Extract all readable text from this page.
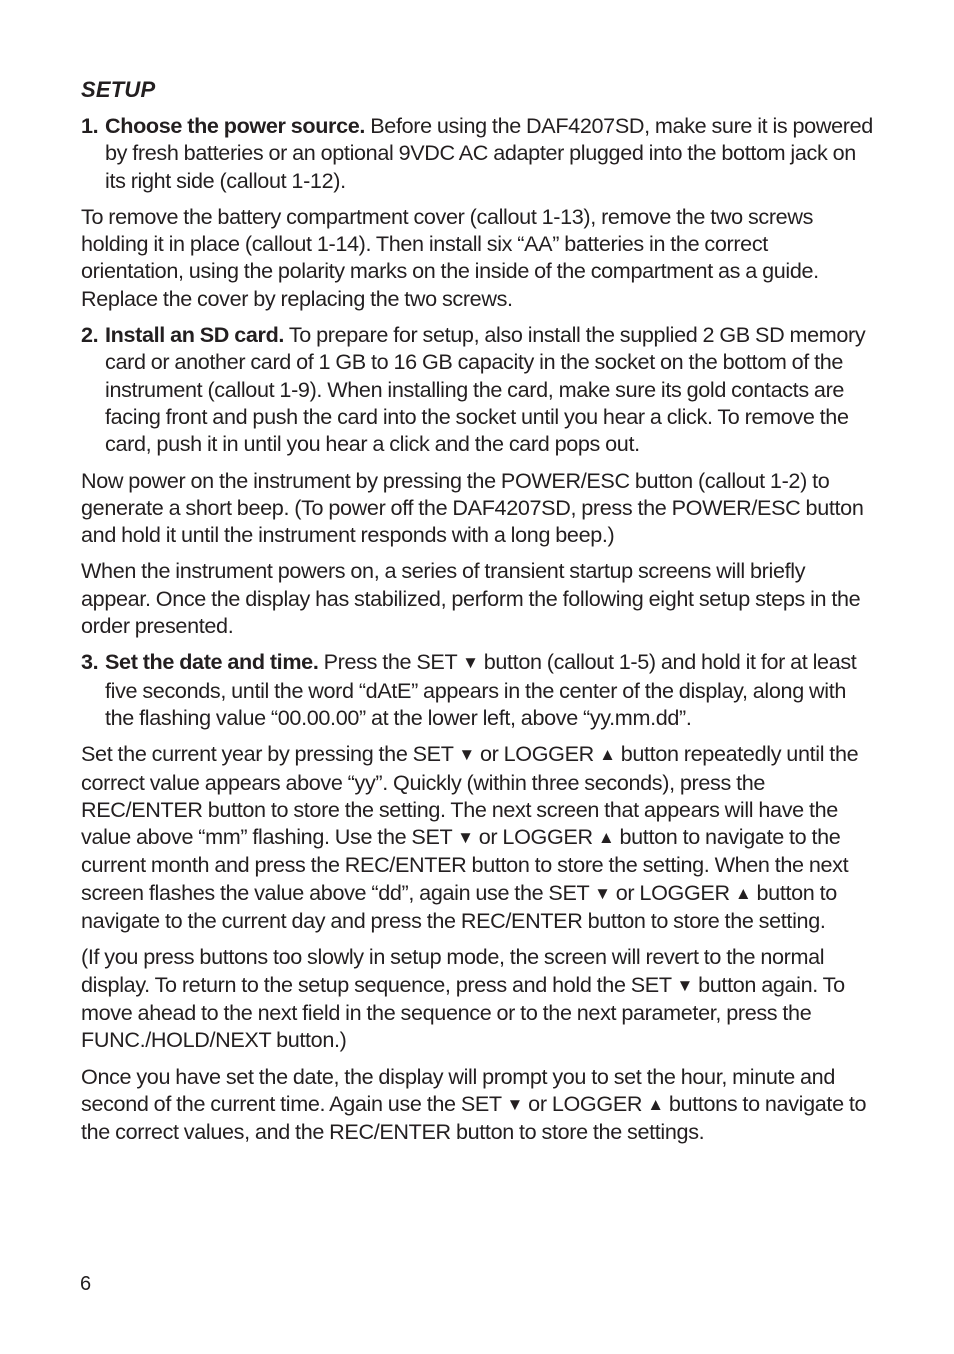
SETUP
1. Choose the power source. Before using the DAF4207SD, make sure it is powered by fresh batteries or an optional 9VDC AC adapter plugged into the bottom jack on its right side (callout 1-12).
To remove the battery compartment cover (callout 1-13), remove the two screws holding it in place (callout 1-14). Then install six “AA” batteries in the correct orientation, using the polarity marks on the inside of the compartment as a guide. Replace the cover by replacing the two screws.
2. Install an SD card. To prepare for setup, also install the supplied 2 GB SD memory card or another card of 1 GB to 16 GB capacity in the socket on the bottom of the instrument (callout 1-9). When installing the card, make sure its gold contacts are facing front and push the card into the socket until you hear a click. To remove the card, push it in until you hear a click and the card pops out.
Now power on the instrument by pressing the POWER/ESC button (callout 1-2) to generate a short beep. (To power off the DAF4207SD, press the POWER/ESC button and hold it until the instrument responds with a long beep.)
When the instrument powers on, a series of transient startup screens will briefly appear. Once the display has stabilized, perform the following eight setup steps in the order presented.
3. Set the date and time. Press the SET ▼ button (callout 1-5) and hold it for at least five seconds, until the word “dAtE” appears in the center of the display, along with the flashing value “00.00.00” at the lower left, above “yy.mm.dd”.
Set the current year by pressing the SET ▼ or LOGGER ▲ button repeatedly until the correct value appears above “yy”. Quickly (within three seconds), press the REC/ENTER button to store the setting. The next screen that appears will have the value above “mm” flashing. Use the SET ▼ or LOGGER ▲ button to navigate to the current month and press the REC/ENTER button to store the setting. When the next screen flashes the value above “dd”, again use the SET ▼ or LOGGER ▲ button to navigate to the current day and press the REC/ENTER button to store the setting.
(If you press buttons too slowly in setup mode, the screen will revert to the normal display. To return to the setup sequence, press and hold the SET ▼ button again. To move ahead to the next field in the sequence or to the next parameter, press the FUNC./HOLD/NEXT button.)
Once you have set the date, the display will prompt you to set the hour, minute and second of the current time. Again use the SET ▼ or LOGGER ▲ buttons to navigate to the correct values, and the REC/ENTER button to store the settings.
6
